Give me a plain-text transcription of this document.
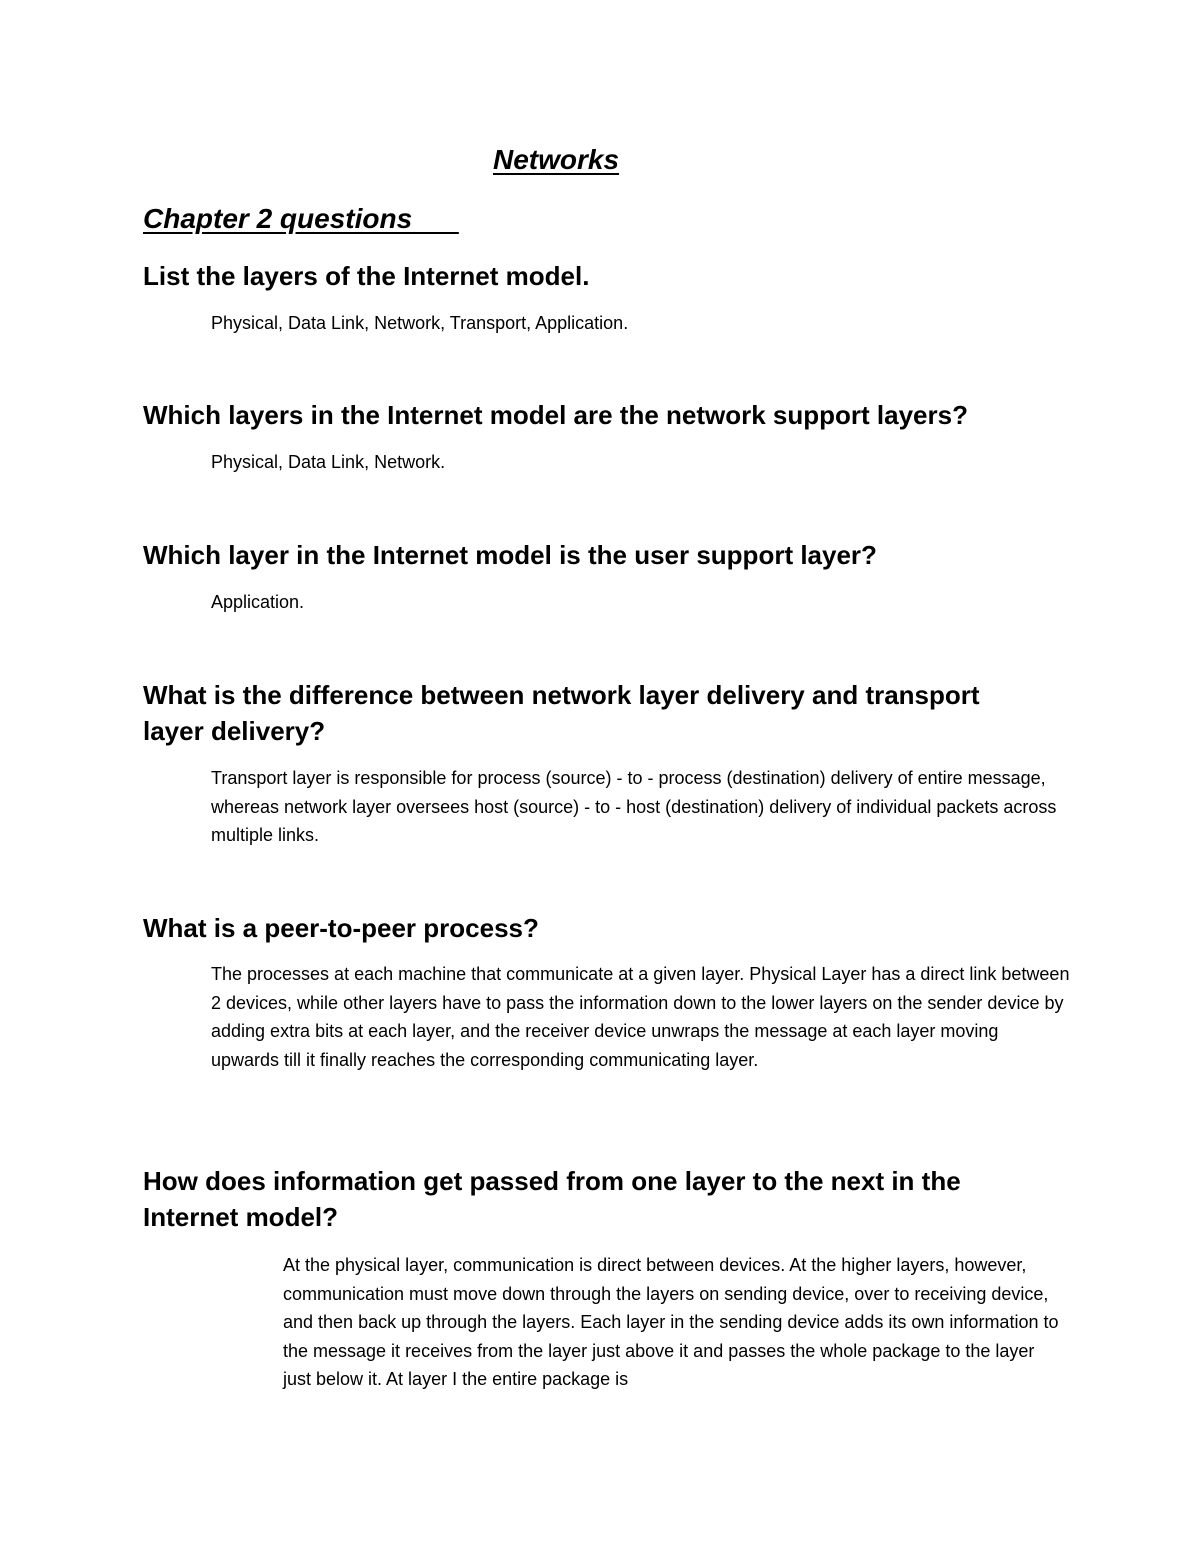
Networks
Chapter 2 questions
List the layers of the Internet model.
Physical, Data Link, Network, Transport, Application.
Which layers in the Internet model are the network support layers?
Physical, Data Link, Network.
Which layer in the Internet model is the user support layer?
Application.
What is the difference between network layer delivery and transport layer delivery?
Transport layer is responsible for process (source) - to - process (destination) delivery of entire message, whereas network layer oversees host (source) - to - host (destination) delivery of individual packets across multiple links.
What is a peer-to-peer process?
The processes at each machine that communicate at a given layer. Physical Layer has a direct link between 2 devices, while other layers have to pass the information down to the lower layers on the sender device by adding extra bits at each layer, and the receiver device unwraps the message at each layer moving upwards till it finally reaches the corresponding communicating layer.
How does information get passed from one layer to the next in the Internet model?
At the physical layer, communication is direct between devices. At the higher layers, however, communication must move down through the layers on sending device, over to receiving device, and then back up through the layers. Each layer in the sending device adds its own information to the message it receives from the layer just above it and passes the whole package to the layer just below it. At layer I the entire package is
